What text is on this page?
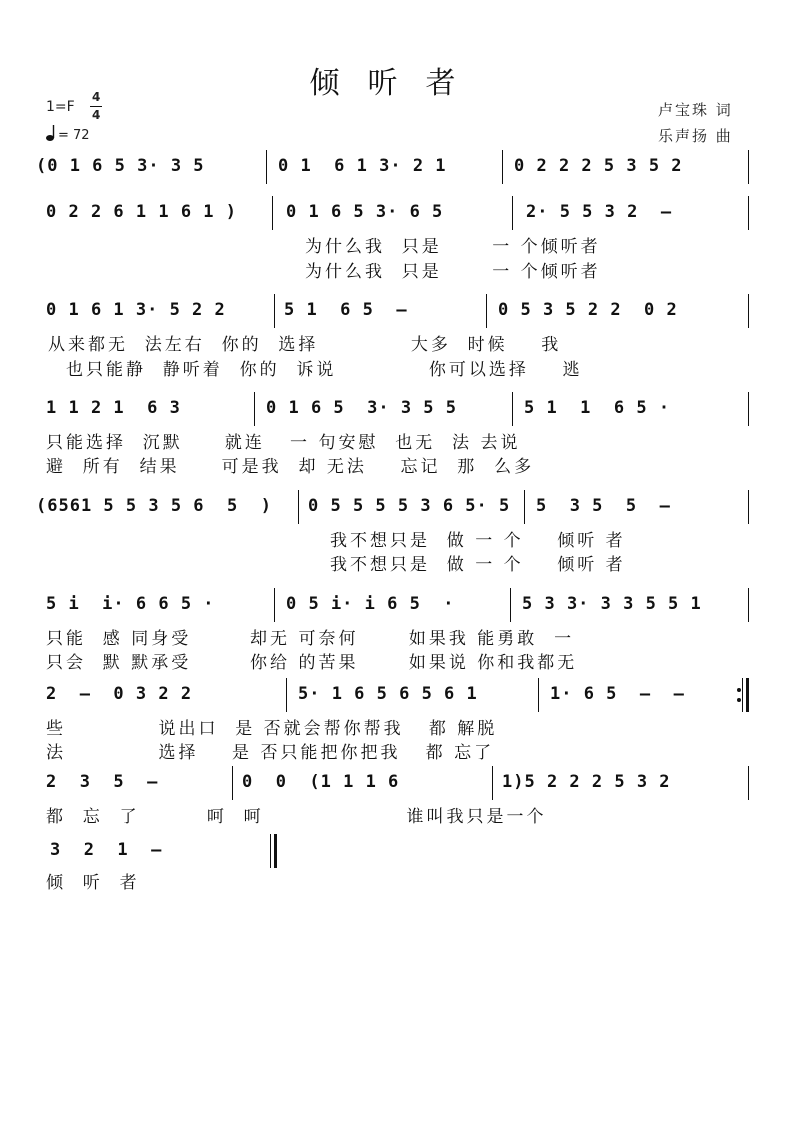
倾听者
1=F
4
4
= 72
卢宝珠 词
乐声扬 曲
(0 1 6 5 3· 3 5	0 1  6 1 3· 2 1	0 2 2 2 5 3 5 2
0 2 2 6 1 1 6 1 )	0 1 6 5 3· 6 5	2· 5 5 3 2  –
为什么我  只是      一 个倾听者
为什么我  只是      一 个倾听者
0 1 6 1 3· 5 2 2	5 1  6 5  –	0 5 3 5 2 2  0 2
从来都无  法左右  你的  选择           大多  时候    我
也只能静  静听着  你的  诉说           你可以选择    逃
1 1 2 1  6 3	0 1 6 5  3· 3 5 5	5 1  1  6 5 ·
只能选择  沉默     就连   一 句安慰  也无  法 去说
避  所有  结果     可是我  却 无法    忘记  那  么多
(6561 5 5 3 5 6  5  ) 0 5 5 5 5 3 6 5· 5 5  3 5  5  –
我不想只是  做 一 个    倾听 者
我不想只是  做 一 个    倾听 者
5 i  i· 6 6 5 ·	0 5 i· i 6 5  ·	5 3 3· 3 3 5 5 1
只能  感 同身受       却无 可奈何      如果我 能勇敢  一
只会  默 默承受       你给 的苦果      如果说 你和我都无
2  –  0 3 2 2	5· 1 6 5 6 5 6 1	1· 6 5  –  –
些           说出口  是 否就会帮你帮我   都 解脱
法           选择    是 否只能把你把我   都 忘了
2  3  5  –	0  0  (1 1 1 6	1)5 2 2 2 5 3 2
都  忘  了        呵  呵                 谁叫我只是一个
3  2  1  –
倾  听  者
